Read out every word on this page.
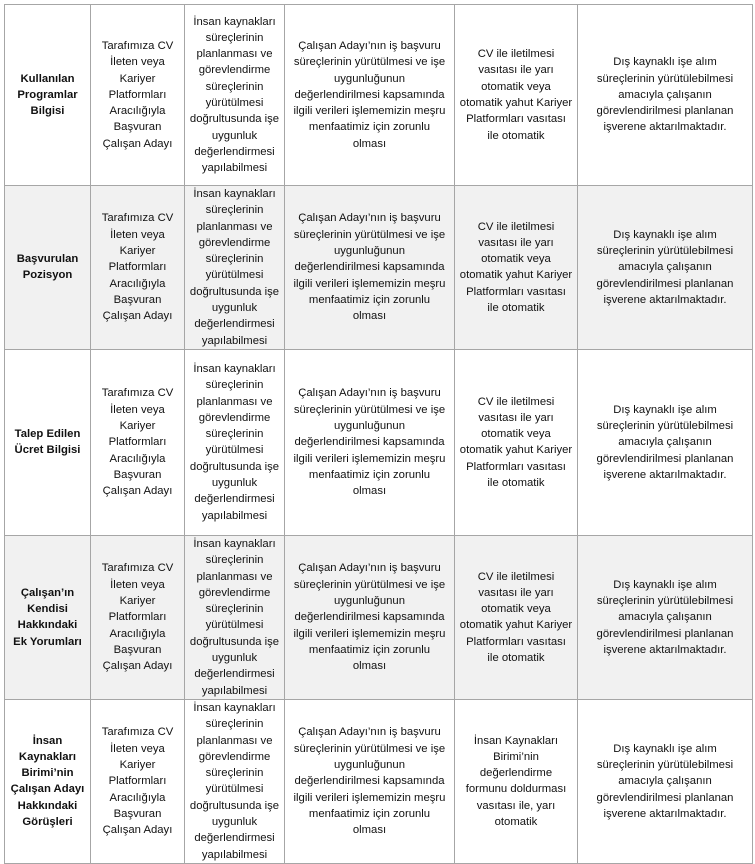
Kullanılan Programlar Bilgisi	Tarafımıza CV İleten veya Kariyer Platformları Aracılığıyla Başvuran Çalışan Adayı	İnsan kaynakları süreçlerinin planlanması ve görevlendirme süreçlerinin yürütülmesi doğrultusunda işe uygunluk değerlendirmesi yapılabilmesi	Çalışan Adayı’nın iş başvuru süreçlerinin yürütülmesi ve işe uygunluğunun değerlendirilmesi kapsamında ilgili verileri işlememizin meşru menfaatimiz için zorunlu olması	CV ile iletilmesi vasıtası ile yarı otomatik veya otomatik yahut Kariyer Platformları vasıtası ile otomatik	Dış kaynaklı işe alım süreçlerinin yürütülebilmesi amacıyla çalışanın görevlendirilmesi planlanan işverene aktarılmaktadır.
Başvurulan Pozisyon	Tarafımıza CV İleten veya Kariyer Platformları Aracılığıyla Başvuran Çalışan Adayı	İnsan kaynakları süreçlerinin planlanması ve görevlendirme süreçlerinin yürütülmesi doğrultusunda işe uygunluk değerlendirmesi yapılabilmesi	Çalışan Adayı’nın iş başvuru süreçlerinin yürütülmesi ve işe uygunluğunun değerlendirilmesi kapsamında ilgili verileri işlememizin meşru menfaatimiz için zorunlu olması	CV ile iletilmesi vasıtası ile yarı otomatik veya otomatik yahut Kariyer Platformları vasıtası ile otomatik	Dış kaynaklı işe alım süreçlerinin yürütülebilmesi amacıyla çalışanın görevlendirilmesi planlanan işverene aktarılmaktadır.
Talep Edilen Ücret Bilgisi	Tarafımıza CV İleten veya Kariyer Platformları Aracılığıyla Başvuran Çalışan Adayı	İnsan kaynakları süreçlerinin planlanması ve görevlendirme süreçlerinin yürütülmesi doğrultusunda işe uygunluk değerlendirmesi yapılabilmesi	Çalışan Adayı’nın iş başvuru süreçlerinin yürütülmesi ve işe uygunluğunun değerlendirilmesi kapsamında ilgili verileri işlememizin meşru menfaatimiz için zorunlu olması	CV ile iletilmesi vasıtası ile yarı otomatik veya otomatik yahut Kariyer Platformları vasıtası ile otomatik	Dış kaynaklı işe alım süreçlerinin yürütülebilmesi amacıyla çalışanın görevlendirilmesi planlanan işverene aktarılmaktadır.
Çalışan’ın Kendisi Hakkındaki Ek Yorumları	Tarafımıza CV İleten veya Kariyer Platformları Aracılığıyla Başvuran Çalışan Adayı	İnsan kaynakları süreçlerinin planlanması ve görevlendirme süreçlerinin yürütülmesi doğrultusunda işe uygunluk değerlendirmesi yapılabilmesi	Çalışan Adayı’nın iş başvuru süreçlerinin yürütülmesi ve işe uygunluğunun değerlendirilmesi kapsamında ilgili verileri işlememizin meşru menfaatimiz için zorunlu olması	CV ile iletilmesi vasıtası ile yarı otomatik veya otomatik yahut Kariyer Platformları vasıtası ile otomatik	Dış kaynaklı işe alım süreçlerinin yürütülebilmesi amacıyla çalışanın görevlendirilmesi planlanan işverene aktarılmaktadır.
İnsan Kaynakları Birimi’nin Çalışan Adayı Hakkındaki Görüşleri	Tarafımıza CV İleten veya Kariyer Platformları Aracılığıyla Başvuran Çalışan Adayı	İnsan kaynakları süreçlerinin planlanması ve görevlendirme süreçlerinin yürütülmesi doğrultusunda işe uygunluk değerlendirmesi yapılabilmesi	Çalışan Adayı’nın iş başvuru süreçlerinin yürütülmesi ve işe uygunluğunun değerlendirilmesi kapsamında ilgili verileri işlememizin meşru menfaatimiz için zorunlu olması	İnsan Kaynakları Birimi’nin değerlendirme formunu doldurması vasıtası ile, yarı otomatik	Dış kaynaklı işe alım süreçlerinin yürütülebilmesi amacıyla çalışanın görevlendirilmesi planlanan işverene aktarılmaktadır.
